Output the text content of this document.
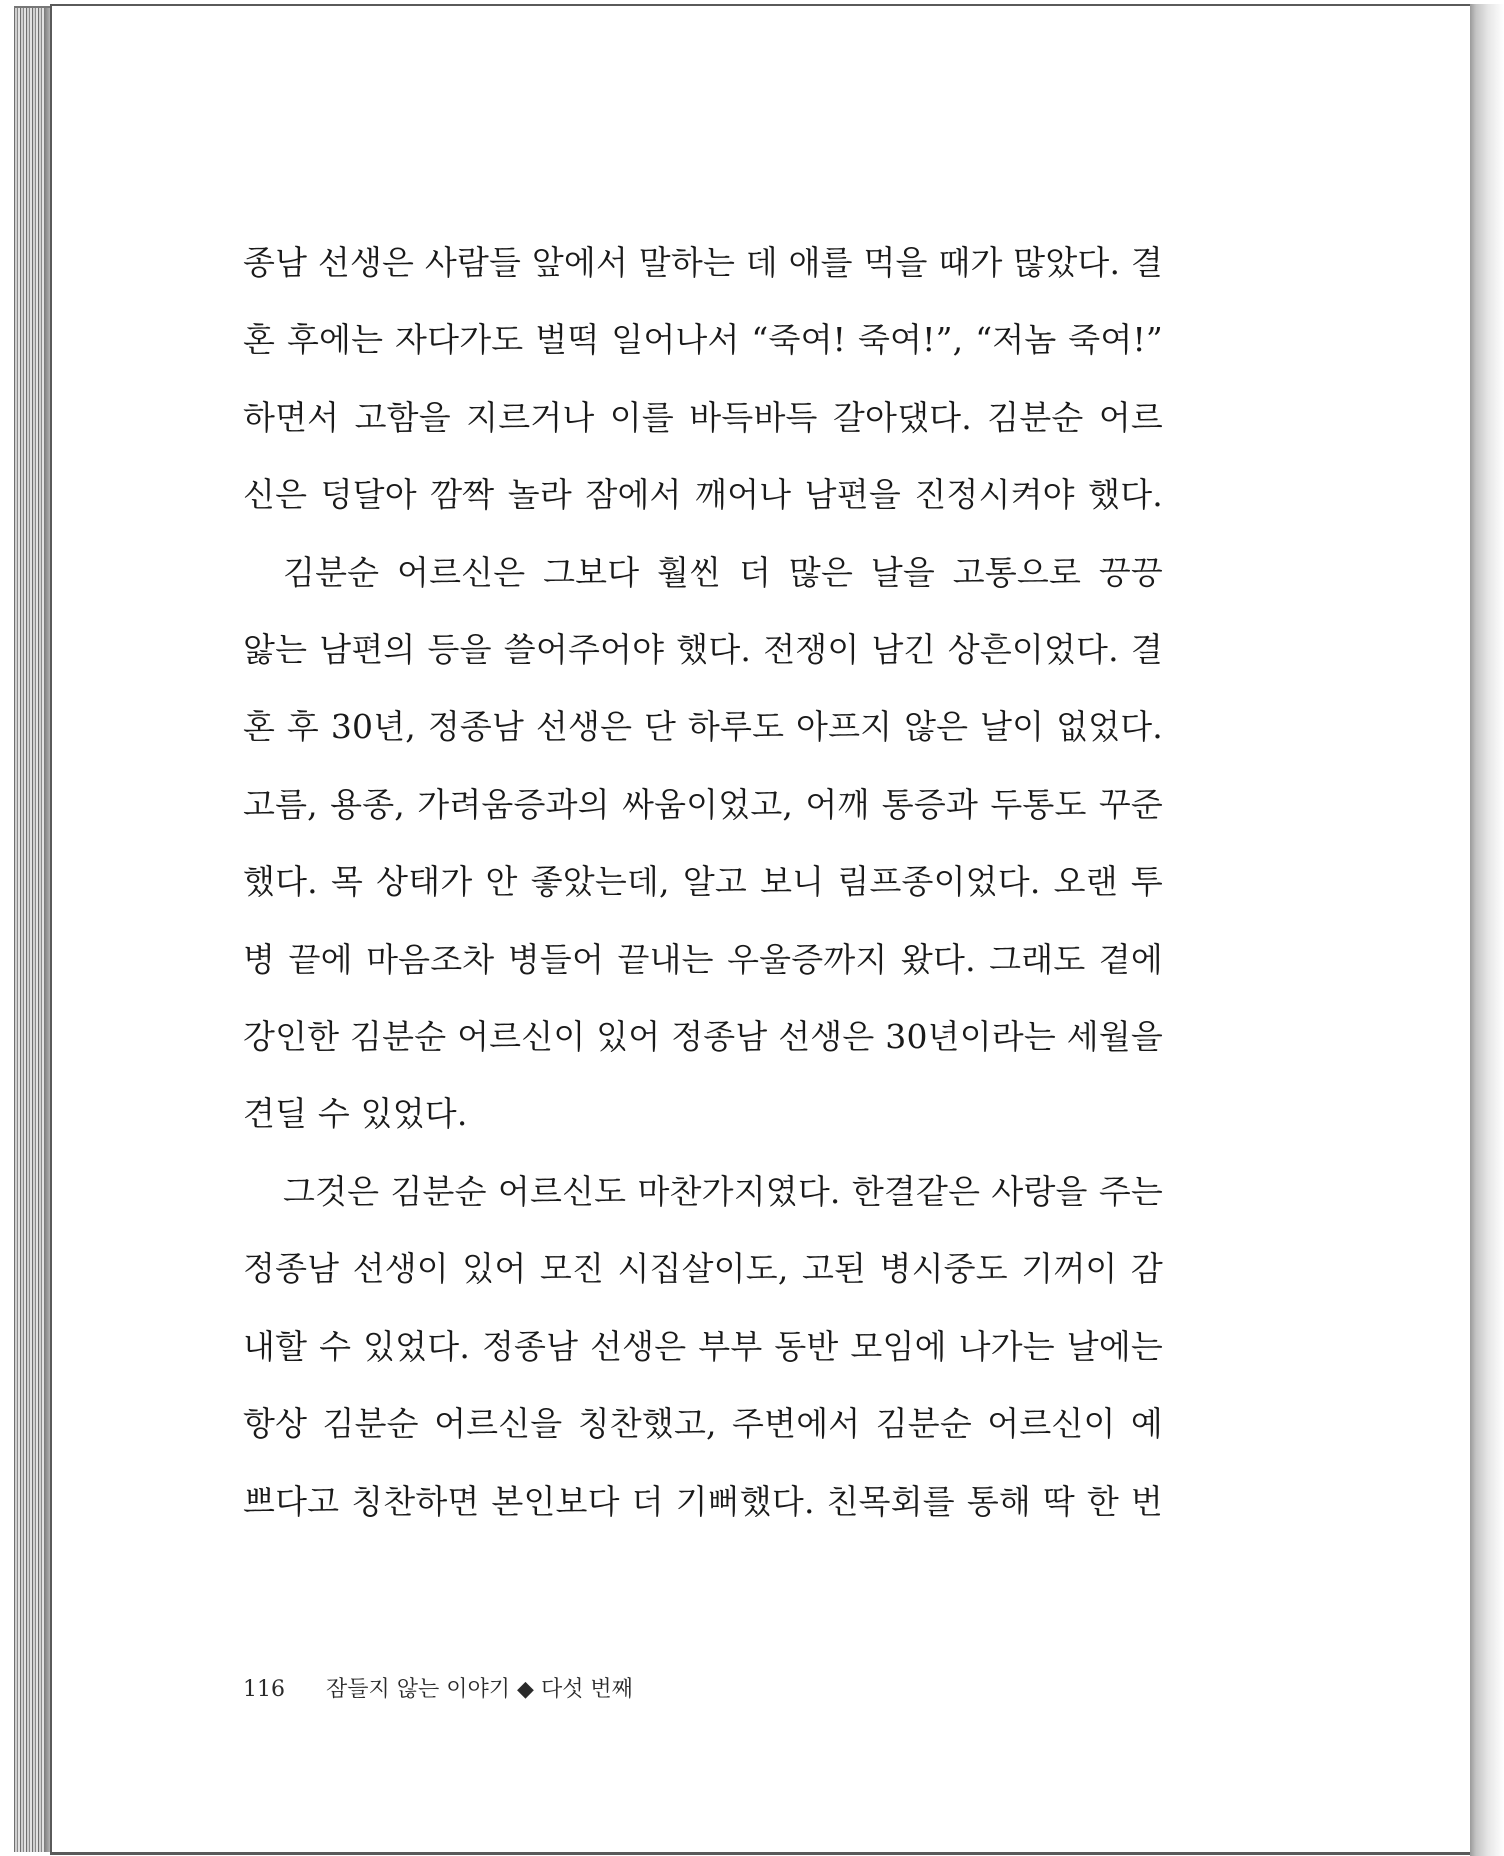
종남 선생은 사람들 앞에서 말하는 데 애를 먹을 때가 많았다. 결
혼 후에는 자다가도 벌떡 일어나서 “죽여! 죽여!”, “저놈 죽여!”
하면서 고함을 지르거나 이를 바득바득 갈아댔다. 김분순 어르
신은 덩달아 깜짝 놀라 잠에서 깨어나 남편을 진정시켜야 했다.
김분순 어르신은 그보다 훨씬 더 많은 날을 고통으로 끙끙
앓는 남편의 등을 쓸어주어야 했다. 전쟁이 남긴 상흔이었다. 결
혼 후 30년, 정종남 선생은 단 하루도 아프지 않은 날이 없었다.
고름, 용종, 가려움증과의 싸움이었고, 어깨 통증과 두통도 꾸준
했다. 목 상태가 안 좋았는데, 알고 보니 림프종이었다. 오랜 투
병 끝에 마음조차 병들어 끝내는 우울증까지 왔다. 그래도 곁에
강인한 김분순 어르신이 있어 정종남 선생은 30년이라는 세월을
견딜 수 있었다.
그것은 김분순 어르신도 마찬가지였다. 한결같은 사랑을 주는
정종남 선생이 있어 모진 시집살이도, 고된 병시중도 기꺼이 감
내할 수 있었다. 정종남 선생은 부부 동반 모임에 나가는 날에는
항상 김분순 어르신을 칭찬했고, 주변에서 김분순 어르신이 예
쁘다고 칭찬하면 본인보다 더 기뻐했다. 친목회를 통해 딱 한 번
116 잠들지 않는 이야기 ◆ 다섯 번째
